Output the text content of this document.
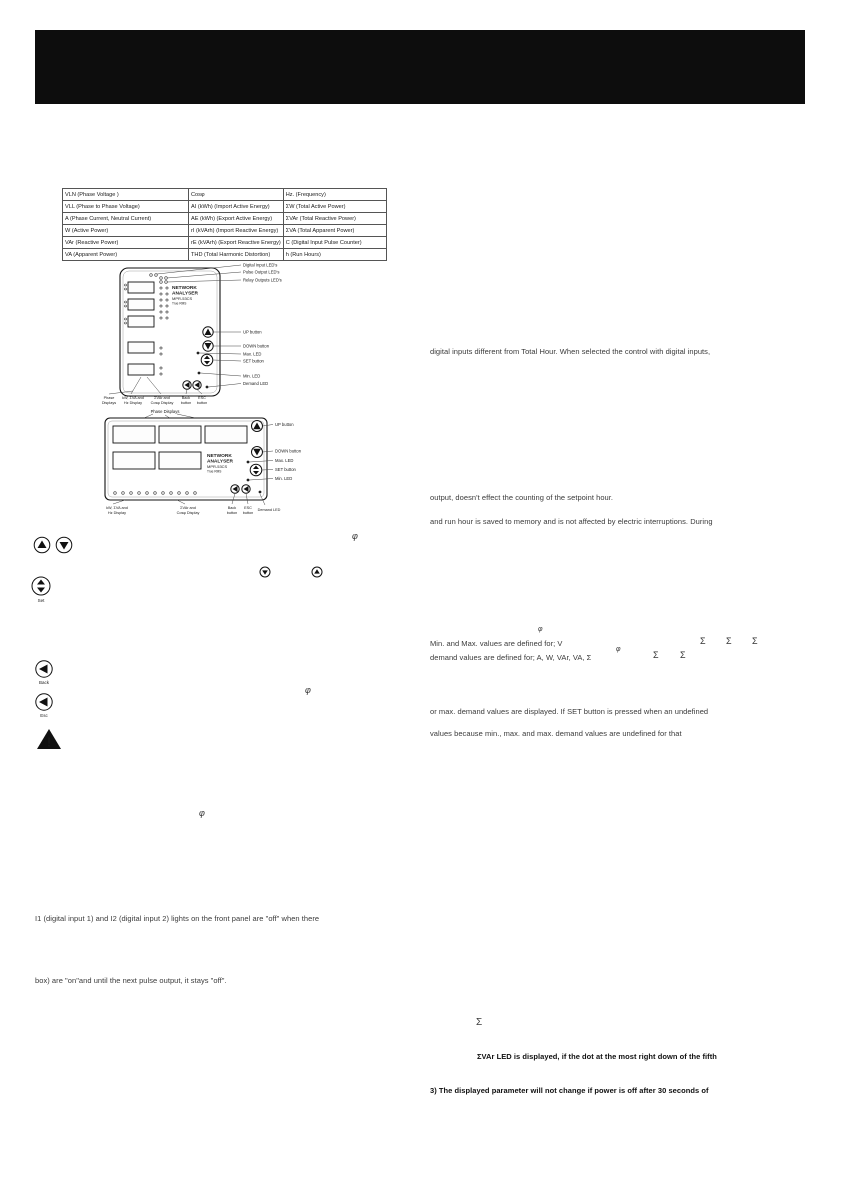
VLN (Phase Voltage )	Cosφ	Hz. (Frequency)
VLL (Phase to Phase Voltage)	AI (kWh) (Import Active Energy)	ΣW (Total Active Power)
A (Phase Current, Neutral Current)	AE (kWh) (Export Active Energy)	ΣVAr (Total Reactive Power)
W (Active Power)	rI (kVArh) (Import Reactive Energy)	ΣVA (Total Apparent Power)
VAr (Reactive Power)	rE (kVArh) (Export Reactive Energy)	C (Digital Input Pulse Counter)
VA (Apparent Power)	THD (Total Harmonic Distortion)	h (Run Hours)
NETWORK
ANALYSER
MPR-53CS
True RMS
Digital Input LED's
Pulse Output LED's
Relay Outputs LED's
UP button
DOWN button
Max. LED
SET button
Min. LED
Demand LED
Phase
Displays
kW, ΣVA and
Hz Display
ΣVAr and
Cosφ Display
Back
button
ESC
button
Phase Displays
NETWORK
ANALYSER
MPR-53CS
True RMS
UP button
DOWN button
Max. LED
SET button
Min. LED
kW, ΣVA and
Hz Display
ΣVAr and
Cosφ Display
Back
button
ESC
button
Demand LED
Set
Back
Esc
!
digital inputs different from Total Hour. When selected the control with digital inputs,
output, doesn't effect the counting of the setpoint hour.
and run hour is saved to memory and is not affected by electric interruptions. During
Min. and Max. values are defined for; V
demand values are defined for; A, W, VAr, VA, Σ
or max. demand values are displayed. If SET button is pressed when an undefined
values because min., max. and max. demand values are undefined for that
I1 (digital input 1) and I2 (digital input 2) lights on the front panel are "off" when there
box) are "on"and until the next pulse output, it stays "off".
Σ
ΣVAr LED is displayed, if the dot at the most right down of the fifth
3) The displayed parameter will not change if power is off after 30 seconds of
φ
φ
φ
φ
φ
Σ Σ Σ
Σ Σ
